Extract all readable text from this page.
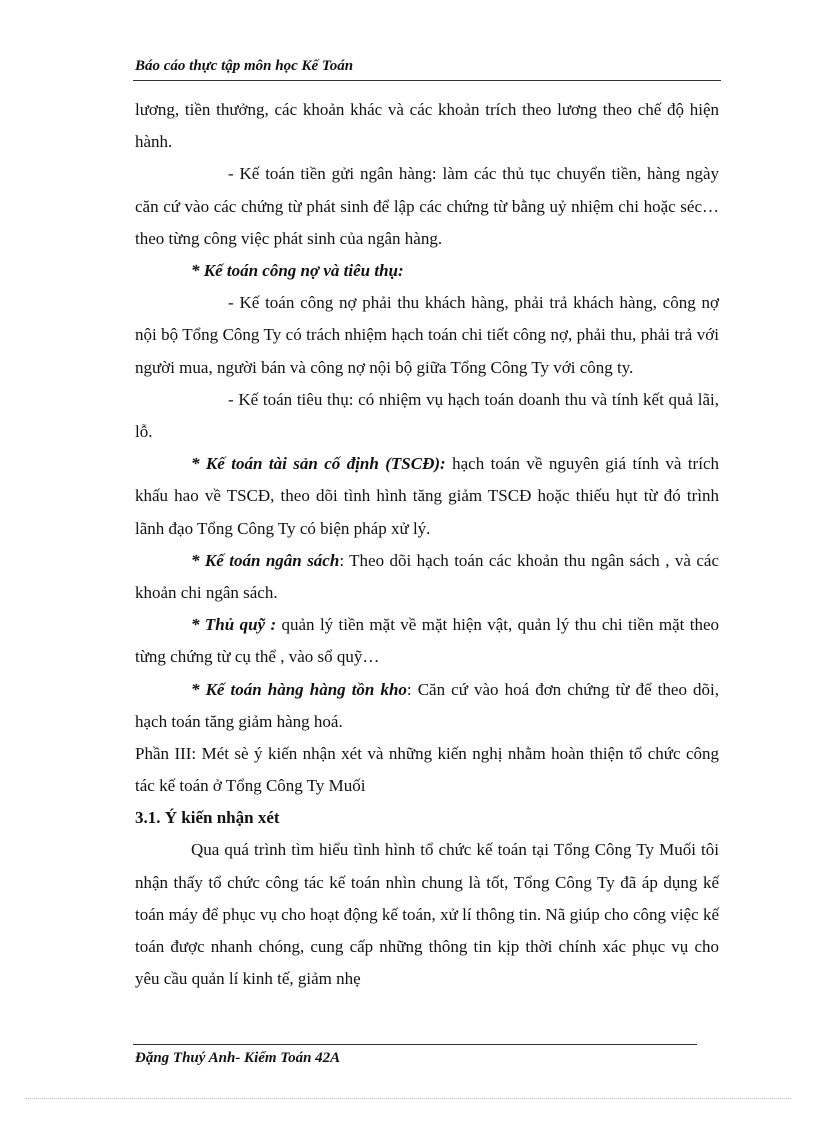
Báo cáo thực tập môn học Kế Toán

lương, tiền thưởng, các khoản khác và các khoản trích theo lương theo chế độ hiện hành.

- Kế toán tiền gửi ngân hàng: làm các thủ tục chuyển tiền, hàng ngày căn cứ vào các chứng từ phát sinh để lập các chứng từ bằng uỷ nhiệm chi hoặc séc… theo từng công việc phát sinh của ngân hàng.

* Kế toán công nợ và tiêu thụ:

- Kế toán công nợ phải thu khách hàng, phải trả khách hàng, công nợ nội bộ Tổng Công Ty có trách nhiệm hạch toán chi tiết công nợ, phải thu, phải trả với người mua, người bán và công nợ nội bộ giữa Tổng Công Ty với công ty.

- Kế toán tiêu thụ: có nhiệm vụ hạch toán doanh thu và tính kết quả lãi, lỗ.

* Kế toán tài sản cố định (TSCĐ): hạch toán về nguyên giá tính và trích khấu hao về TSCĐ, theo dõi tình hình tăng giảm TSCĐ hoặc thiếu hụt từ đó trình lãnh đạo Tổng Công Ty có biện pháp xử lý.

* Kế toán ngân sách: Theo dõi hạch toán các khoản thu ngân sách , và các khoản chi ngân sách.

* Thủ quỹ : quản lý tiền mặt về mặt hiện vật, quản lý thu chi tiền mặt theo từng chứng từ cụ thể , vào sổ quỹ…

* Kế toán hàng hàng tồn kho: Căn cứ vào hoá đơn chứng từ để theo dõi, hạch toán tăng giảm hàng hoá.

Phần III: Mét sè ý kiến nhận xét và những kiến nghị nhằm hoàn thiện tổ chức công tác kế toán ở Tổng Công Ty Muối

3.1. Ý kiến nhận xét

Qua quá trình tìm hiểu tình hình tổ chức kế toán tại Tổng Công Ty Muối tôi nhận thấy tổ chức công tác kế toán nhìn chung là tốt, Tổng Công Ty đã áp dụng kế toán máy để phục vụ cho hoạt động kế toán, xử lí thông tin. Nã giúp cho công việc kế toán được nhanh chóng, cung cấp những thông tin kịp thời chính xác phục vụ cho yêu cầu quản lí kinh tế, giảm nhẹ

Đặng Thuý Anh- Kiểm Toán 42A
